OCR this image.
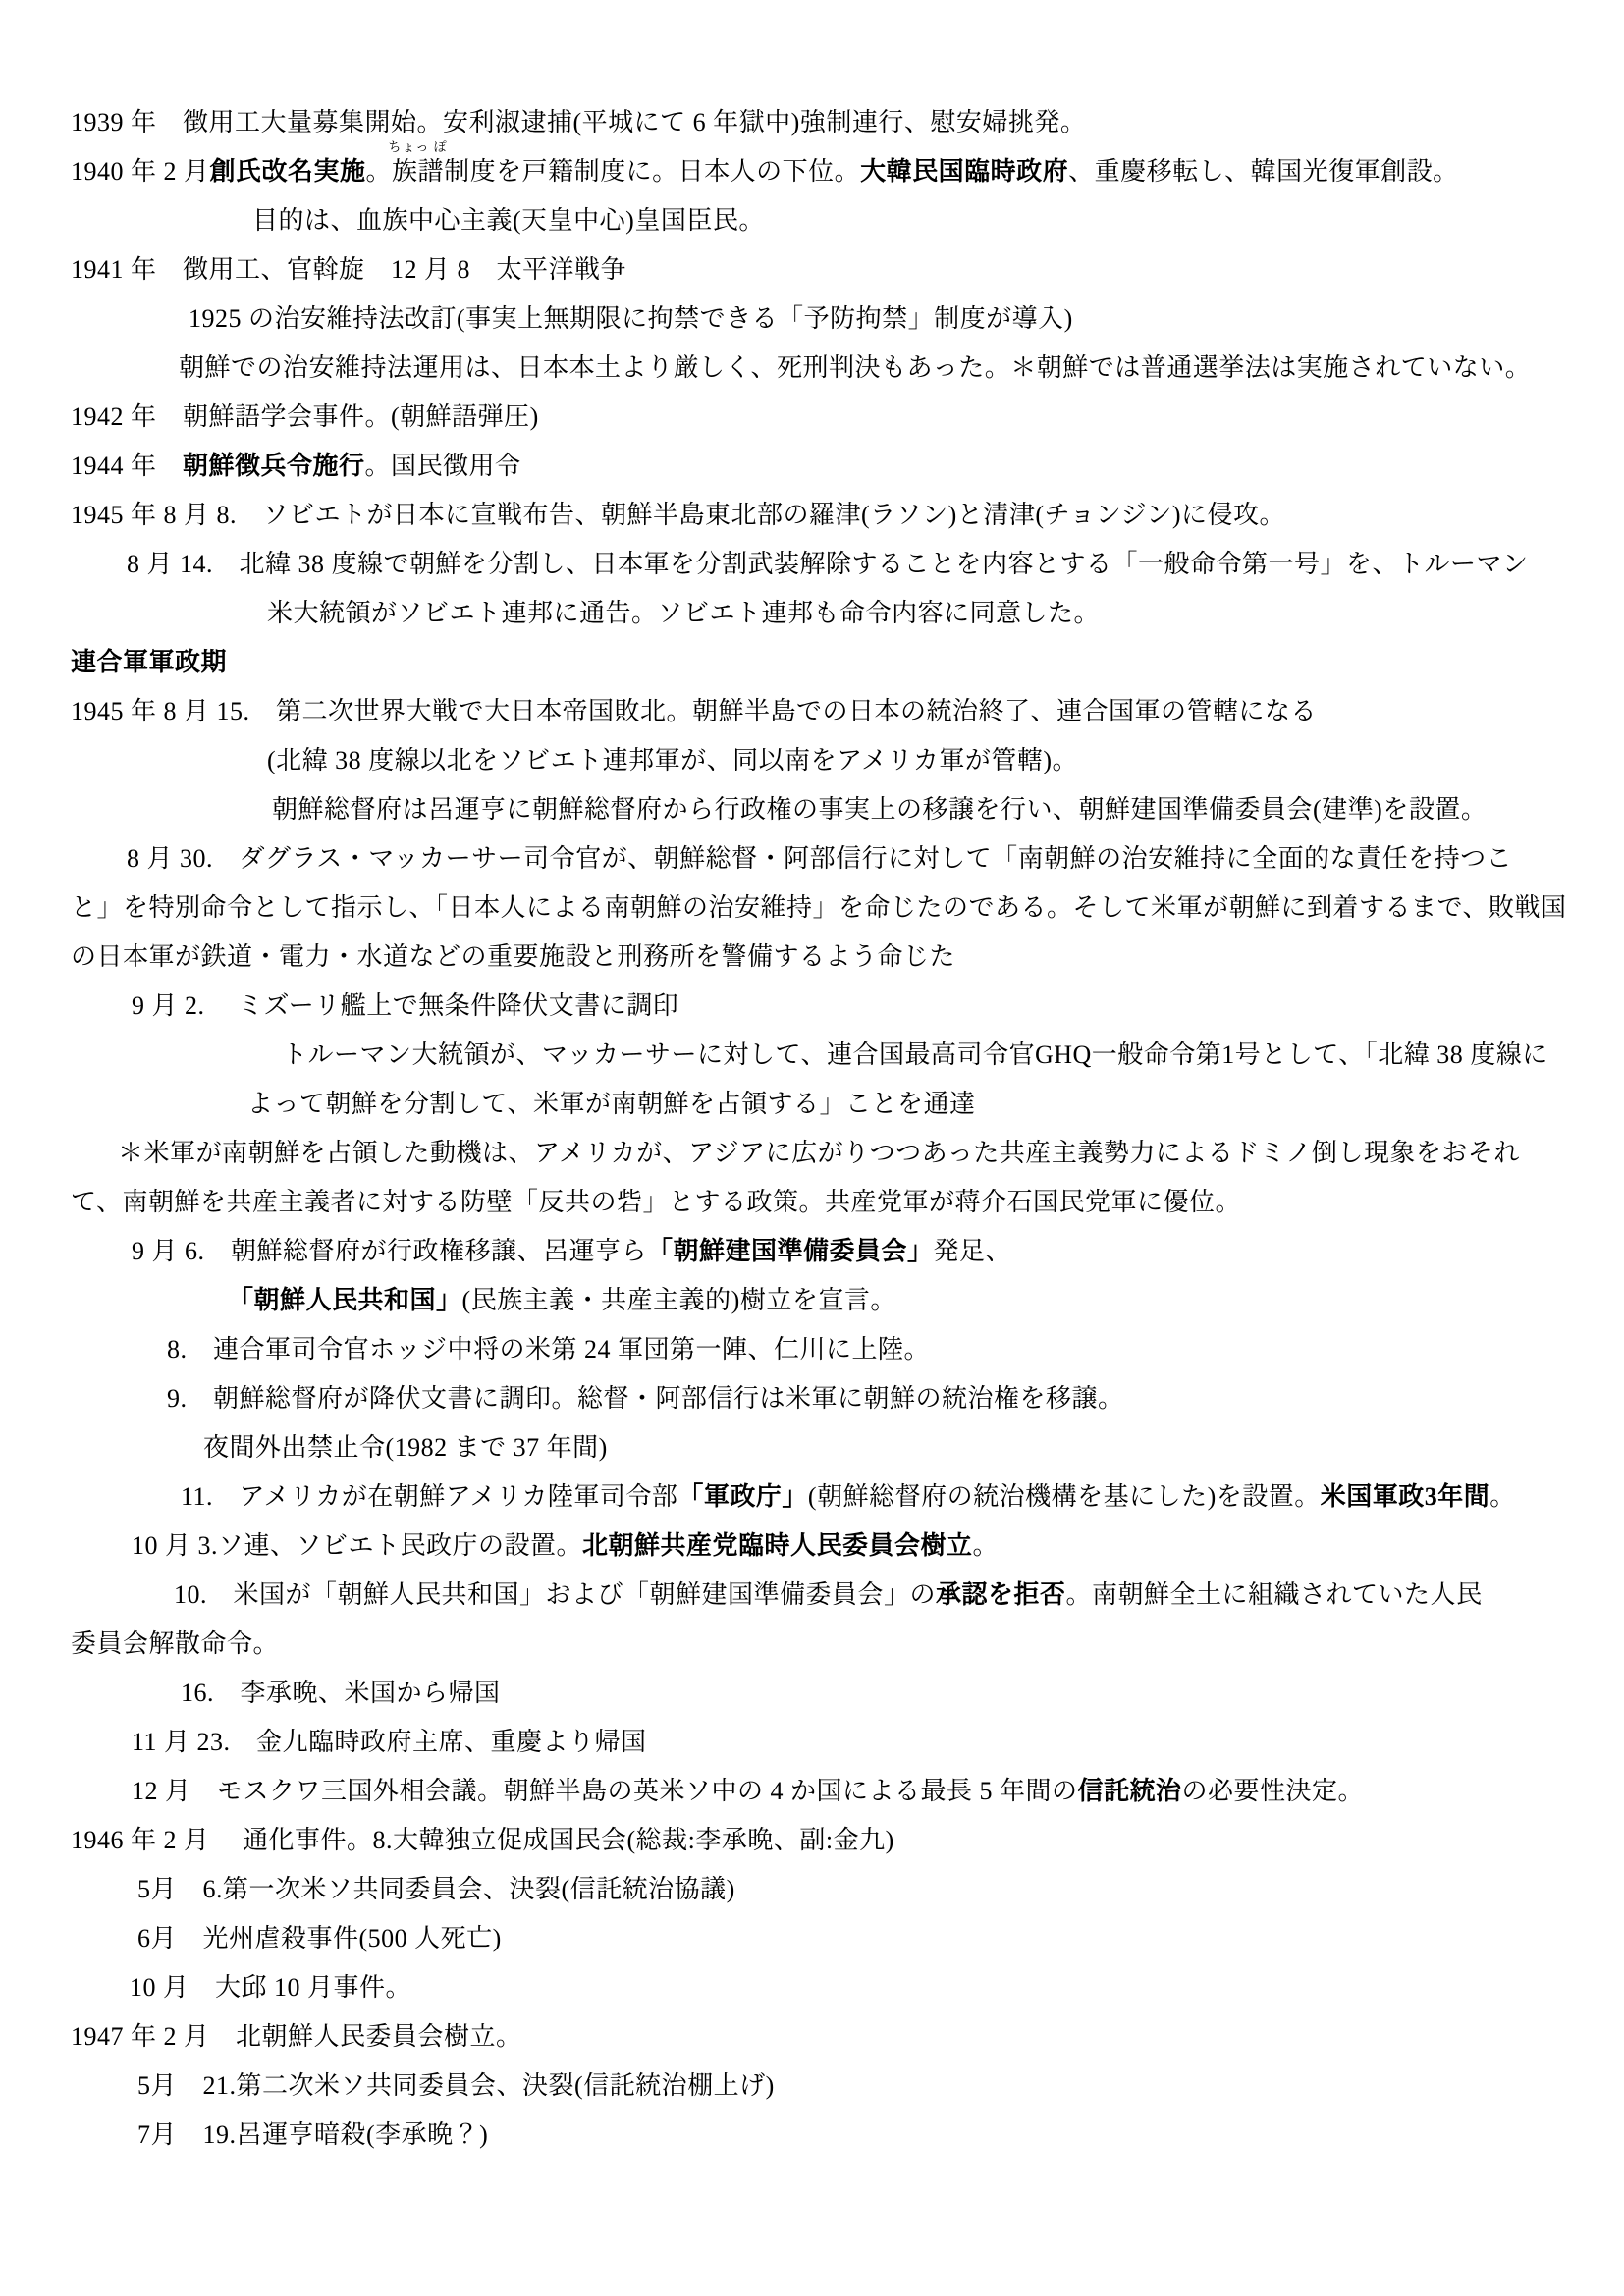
1939 年　徴用工大量募集開始。安利淑逮捕(平城にて 6 年獄中)強制連行、慰安婦挑発。
1940 年 2 月創氏改名実施。
ちょっ ぽ
族譜制度を戸籍制度に。日本人の下位。大韓民国臨時政府、重慶移転し、韓国光復軍創設。
目的は、血族中心主義(天皇中心)皇国臣民。
1941 年　徴用工、官斡旋　12 月 8　太平洋戦争
1925 の治安維持法改訂(事実上無期限に拘禁できる「予防拘禁」制度が導入)
朝鮮での治安維持法運用は、日本本土より厳しく、死刑判決もあった。＊朝鮮では普通選挙法は実施されていない。
1942 年　朝鮮語学会事件。(朝鮮語弾圧)
1944 年　朝鮮徴兵令施行。国民徴用令
1945 年 8 月 8.　ソビエトが日本に宣戦布告、朝鮮半島東北部の羅津(ラソン)と清津(チョンジン)に侵攻。
8 月 14.　北緯 38 度線で朝鮮を分割し、日本軍を分割武装解除することを内容とする「一般命令第一号」を、トルーマン
米大統領がソビエト連邦に通告。ソビエト連邦も命令内容に同意した。
連合軍軍政期
1945 年 8 月 15.　第二次世界大戦で大日本帝国敗北。朝鮮半島での日本の統治終了、連合国軍の管轄になる
(北緯 38 度線以北をソビエト連邦軍が、同以南をアメリカ軍が管轄)。
朝鮮総督府は呂運亨に朝鮮総督府から行政権の事実上の移譲を行い、朝鮮建国準備委員会(建準)を設置。
8 月 30.　ダグラス・マッカーサー司令官が、朝鮮総督・阿部信行に対して「南朝鮮の治安維持に全面的な責任を持つこ
と」を特別命令として指示し、「日本人による南朝鮮の治安維持」を命じたのである。そして米軍が朝鮮に到着するまで、敗戦国
の日本軍が鉄道・電力・水道などの重要施設と刑務所を警備するよう命じた
9 月 2.　 ミズーリ艦上で無条件降伏文書に調印
トルーマン大統領が、マッカーサーに対して、連合国最高司令官GHQ一般命令第1号として、「北緯 38 度線に
よって朝鮮を分割して、米軍が南朝鮮を占領する」ことを通達
＊米軍が南朝鮮を占領した動機は、アメリカが、アジアに広がりつつあった共産主義勢力によるドミノ倒し現象をおそれ
て、南朝鮮を共産主義者に対する防壁「反共の砦」とする政策。共産党軍が蒋介石国民党軍に優位。
9 月 6.　朝鮮総督府が行政権移譲、呂運亨ら「朝鮮建国準備委員会」発足、
「朝鮮人民共和国」(民族主義・共産主義的)樹立を宣言。
8.　連合軍司令官ホッジ中将の米第 24 軍団第一陣、仁川に上陸。
9.　朝鮮総督府が降伏文書に調印。総督・阿部信行は米軍に朝鮮の統治権を移譲。
夜間外出禁止令(1982 まで 37 年間)
11.　アメリカが在朝鮮アメリカ陸軍司令部「軍政庁」(朝鮮総督府の統治機構を基にした)を設置。米国軍政3年間。
10 月 3.ソ連、ソビエト民政庁の設置。北朝鮮共産党臨時人民委員会樹立。
10.　米国が「朝鮮人民共和国」および「朝鮮建国準備委員会」の承認を拒否。南朝鮮全土に組織されていた人民
委員会解散命令。
16.　李承晩、米国から帰国
11 月 23.　金九臨時政府主席、重慶より帰国
12 月　モスクワ三国外相会議。朝鮮半島の英米ソ中の 4 か国による最長 5 年間の信託統治の必要性決定。
1946 年 2 月　 通化事件。8.大韓独立促成国民会(総裁:李承晩、副:金九)
5月　6.第一次米ソ共同委員会、決裂(信託統治協議)
6月　光州虐殺事件(500 人死亡)
10 月　大邱 10 月事件。
1947 年 2 月　北朝鮮人民委員会樹立。
5月　21.第二次米ソ共同委員会、決裂(信託統治棚上げ)
7月　19.呂運亨暗殺(李承晩？)
